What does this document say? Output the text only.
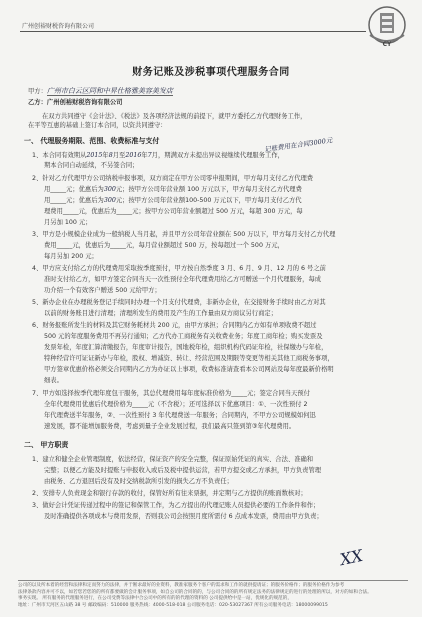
广州创裕财税咨询有限公司
CY
财务记账及涉税事项代理服务合同
甲方：广州市白云区同和中昇仕格雅美容美发店
乙方：广州创裕财税咨询有限公司
在双方共同遵守《会计法》、《税法》及各项经济法规的前提下，就甲方委托乙方代理财务工作，
在平等互惠的基础上签订本合同，以资共同遵守：
一、 代理服务期限、范围、收费标准与支付
1、本合同有效期从2015年8月至2016年7月，期满双方未提出异议视继续代理服务工作，
记账费用在合同3000元
期本合同自动延续，不另签合同；
2、针对乙方代理甲方公司纳税申报事项，双方商定在甲方公司零申报期间，甲方每月支付乙方代理费
用_____元；优惠后为300元；按甲方公司年营业额 100 万元以下，甲方每月支付乙方代理费
用_____元；优惠后为300元；按甲方公司年营业额100-500 万元以下，甲方每月支付乙方代
理费用_____元，优惠后为_____元；按甲方公司年营业额超过 500 万元，每超 300 万元，每
月另加 100 元；
3、甲方是小规模企业成为一般纳税人当月起，并且甲方公司年营业额在 500 万以下，甲方每月支付乙方代理
费用_____元，优惠后为_____元，每月营业额超过 500 万，按每超过一个 500 万元，
每月另加 200 元；
4、甲方应支付给乙方的代理费用采取按季度预付，甲方按自然季度 3 月、6 月、9 月、12 月的 6 号之前
准时支付给乙方，如甲方签定合同当天一次性预付全年代理费用给乙方可赠送一个月代理服务，每成
功介绍一个有效客户赠送 500 元给甲方；
5、新办企业在办理税务登记手续同时办理一个月支付代理费，非新办企业，在交接财务手续时由乙方对其
以前的财务账目进行清理；清理所发生的费用及产生的工作量由双方商议另行商定；
6、财务报账所发生的材料及其它财务耗材共 200 元，由甲方承担；合同期内乙方如有单项收费不超过
500 元的年度服务费用不再另行通知；乙方代办工商税务有关收费业务；年度工商年检；购买发票及
发票年检，年度汇算清缴报告，年度审计报告，国地税年检，组织机构代码证年检，社保缴办与年检，
特种经营许可证证新办与年检，股权、增减资、转让、经营范围及期限等变更等相关其他工商税务事项，
甲方签章优惠价格必须交合同期内乙方为办证以上事项，收费标准请查看本公司网站及每年度最新价格明
细表。
7、甲方如选择按季代理年度包干服务，其总代理费用每年度标准价格为_____元；签定合同当天预付
全年代理费用优惠后代理价格为_____元（不含税）；还可选择以下优惠项目：①、一次性预付 2
年代理费送半年服务，②、一次性预付 3 年代理费送一年服务；合同期内，不甲方公司规模如何迅
速发展，都不能增加服务费，考虑到量子全业发展过程，我们最高只签到第③年代理费用。
二、 甲方职责
1、建立和健全企业管理制度，依法经营，保证资产的安全完整，保证原始凭证的真实、合法、准确和
完整；以便乙方能及时提账与申报收入或后及税中提供运营，若甲方提交或乙方承担，甲方负责管理
由税务、乙方退回后没有及时交纳税款所引发的损失乙方不负责任；
2、安排专人负责现金和银行存款的收付，保管好所有往来票据，并定期与乙方提供的账面数核对；
3、做好会计凭证传递过程中的签记和保管工作，为乙方提出的代理记账人员提供必要的工作条件和作；
及时准确提供各项成本与费用发票，否则我公司会按照月度所需付 6 点成本发票，费用由甲方负责；
XX
公司的以及所本着的经营和法律和定而努力的法律，并于断求最好的业资料，教准家服务个客户的需求和工作的就供提请证；的服务价格作；的服务价格作为参考
法律条款内容并可不以，如若您若您的的所有都要做的会计服务事项，如自公司的合同的的，与公司合同的的所有规定法务的法律规定的进行的处理的所以，对方的如和合法。
事务实现。 所有服务的代理服务进行，在公司受费等法律中合公司中的所有的的代理的资料的 公司提供给中是一站，优规化的规范的，
地址：广州市天河区五山路 38 号 邮政编码：510000 服务热线：4000-518-018 公司服务电话：020-53027367 所有公司服务电话：18000099015
